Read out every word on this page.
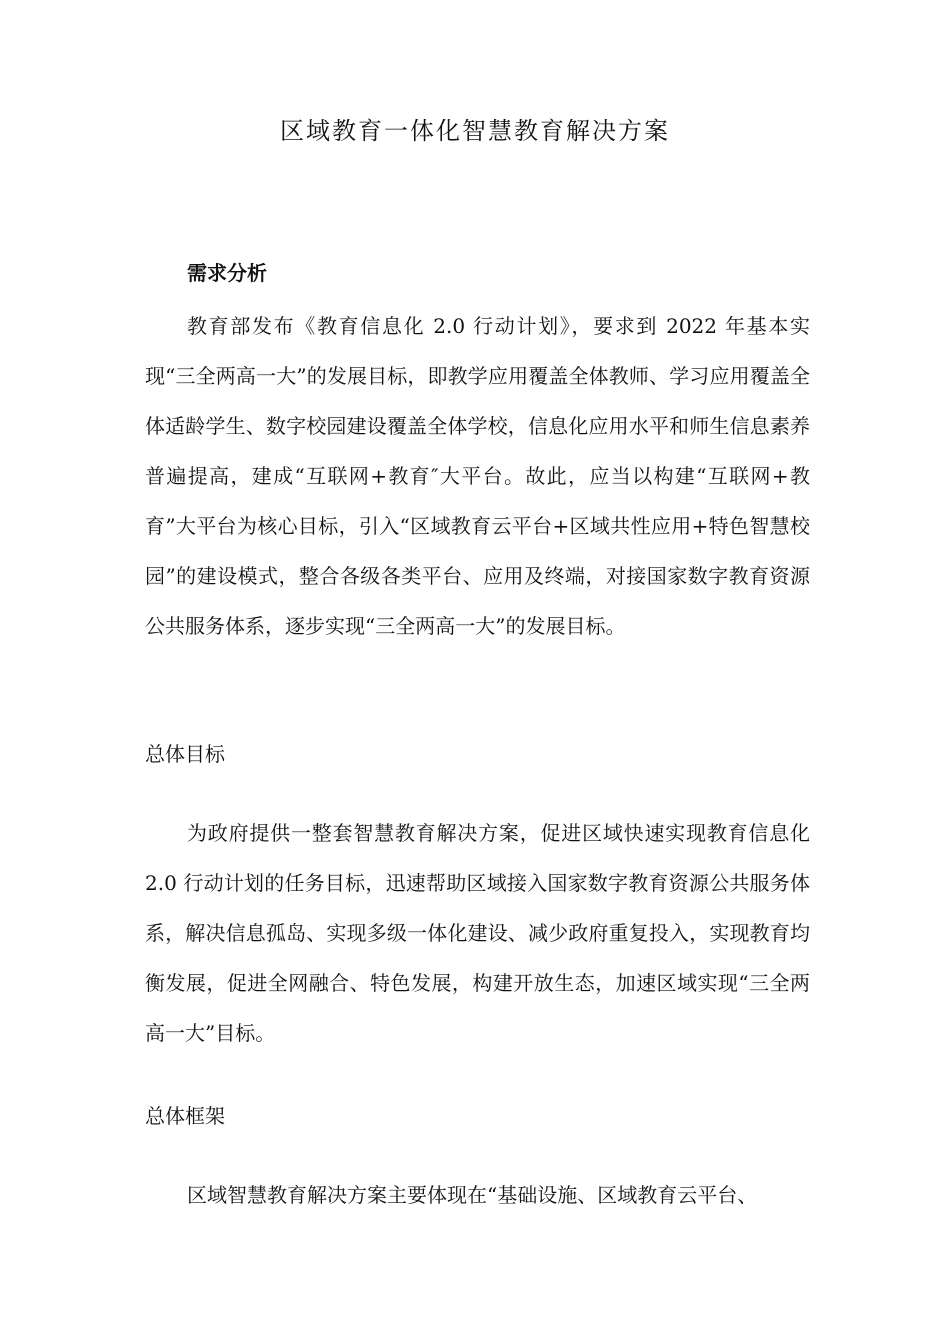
区域教育一体化智慧教育解决方案
需求分析

教育部发布《教育信息化 2.0 行动计划》，要求到 2022 年基本实现“三全两高一大”的发展目标，即教学应用覆盖全体教师、学习应用覆盖全体适龄学生、数字校园建设覆盖全体学校，信息化应用水平和师生信息素养普遍提高，建成“互联网+教育″大平台。故此，应当以构建“互联网+教育”大平台为核心目标，引入“区域教育云平台+区域共性应用+特色智慧校园”的建设模式，整合各级各类平台、应用及终端，对接国家数字教育资源公共服务体系，逐步实现“三全两高一大”的发展目标。

总体目标

为政府提供一整套智慧教育解决方案，促进区域快速实现教育信息化 2.0 行动计划的任务目标，迅速帮助区域接入国家数字教育资源公共服务体系，解决信息孤岛、实现多级一体化建设、减少政府重复投入，实现教育均衡发展，促进全网融合、特色发展，构建开放生态，加速区域实现“三全两高一大”目标。

总体框架

区域智慧教育解决方案主要体现在“基础设施、区域教育云平台、
